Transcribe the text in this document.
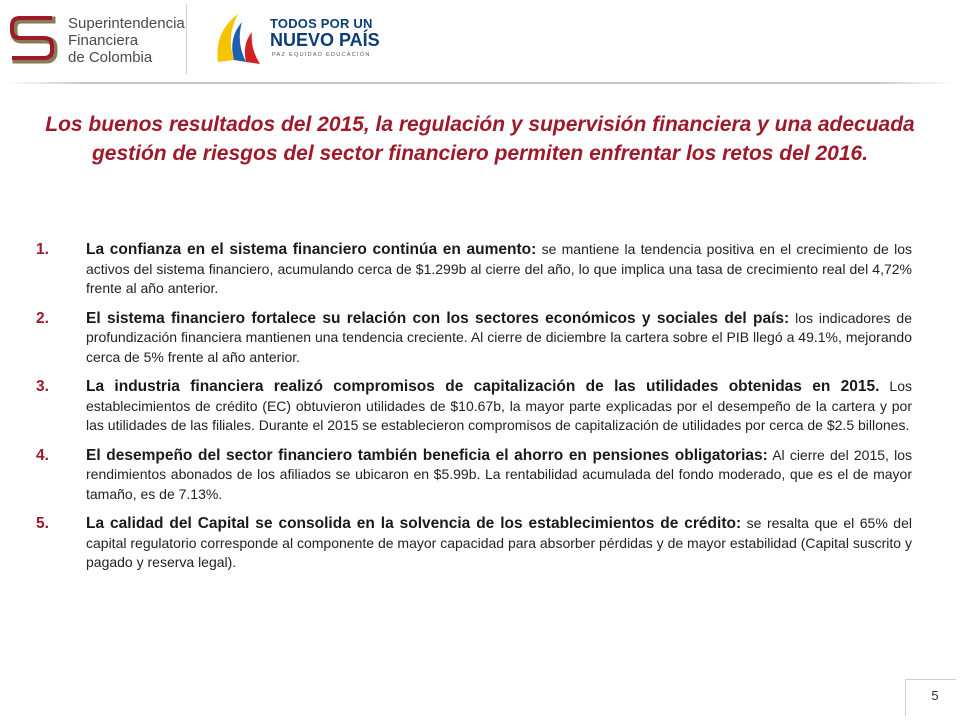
Superintendencia
Financiera
de Colombia
TODOS POR UN
NUEVO PAÍS
PAZ EQUIDAD EDUCACIÓN
Los buenos resultados del 2015, la regulación y supervisión financiera y una adecuada gestión de riesgos del sector financiero permiten enfrentar los retos del 2016.
1.	La confianza en el sistema financiero continúa en aumento: se mantiene la tendencia positiva en el crecimiento de los activos del sistema financiero, acumulando cerca de $1.299b al cierre del año, lo que implica una tasa de crecimiento real del 4,72% frente al año anterior.
2.	El sistema financiero fortalece su relación con los sectores económicos y sociales del país: los indicadores de profundización financiera mantienen una tendencia creciente. Al cierre de diciembre la cartera sobre el PIB llegó a 49.1%, mejorando cerca de 5% frente al año anterior.
3.	La industria financiera realizó compromisos de capitalización de las utilidades obtenidas en 2015. Los establecimientos de crédito (EC) obtuvieron utilidades de $10.67b, la mayor parte explicadas por el desempeño de la cartera y por las utilidades de las filiales. Durante el 2015 se establecieron compromisos de capitalización de utilidades por cerca de $2.5 billones.
4.	El desempeño del sector financiero también beneficia el ahorro en pensiones obligatorias: Al cierre del 2015, los rendimientos abonados de los afiliados se ubicaron en $5.99b. La rentabilidad acumulada del fondo moderado, que es el de mayor tamaño, es de 7.13%.
5.	La calidad del Capital se consolida en la solvencia de los establecimientos de crédito: se resalta que el 65% del capital regulatorio corresponde al componente de mayor capacidad para absorber pérdidas y de mayor estabilidad (Capital suscrito y pagado y reserva legal).
5
